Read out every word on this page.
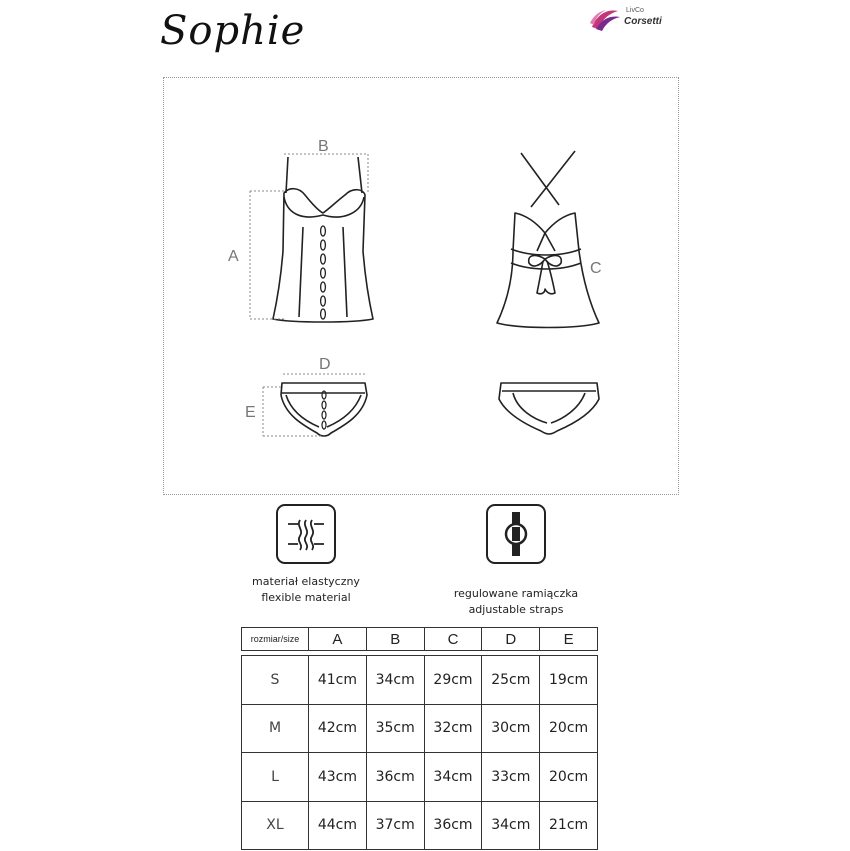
Sophie	LivCo
Corsetti
B
A
C
D
E
materiał elastyczny
flexible material	regulowane ramiączka
adjustable straps
rozmiar/size	A	B	C	D	E
S	41cm	34cm	29cm	25cm	19cm
M	42cm	35cm	32cm	30cm	20cm
L	43cm	36cm	34cm	33cm	20cm
XL	44cm	37cm	36cm	34cm	21cm
